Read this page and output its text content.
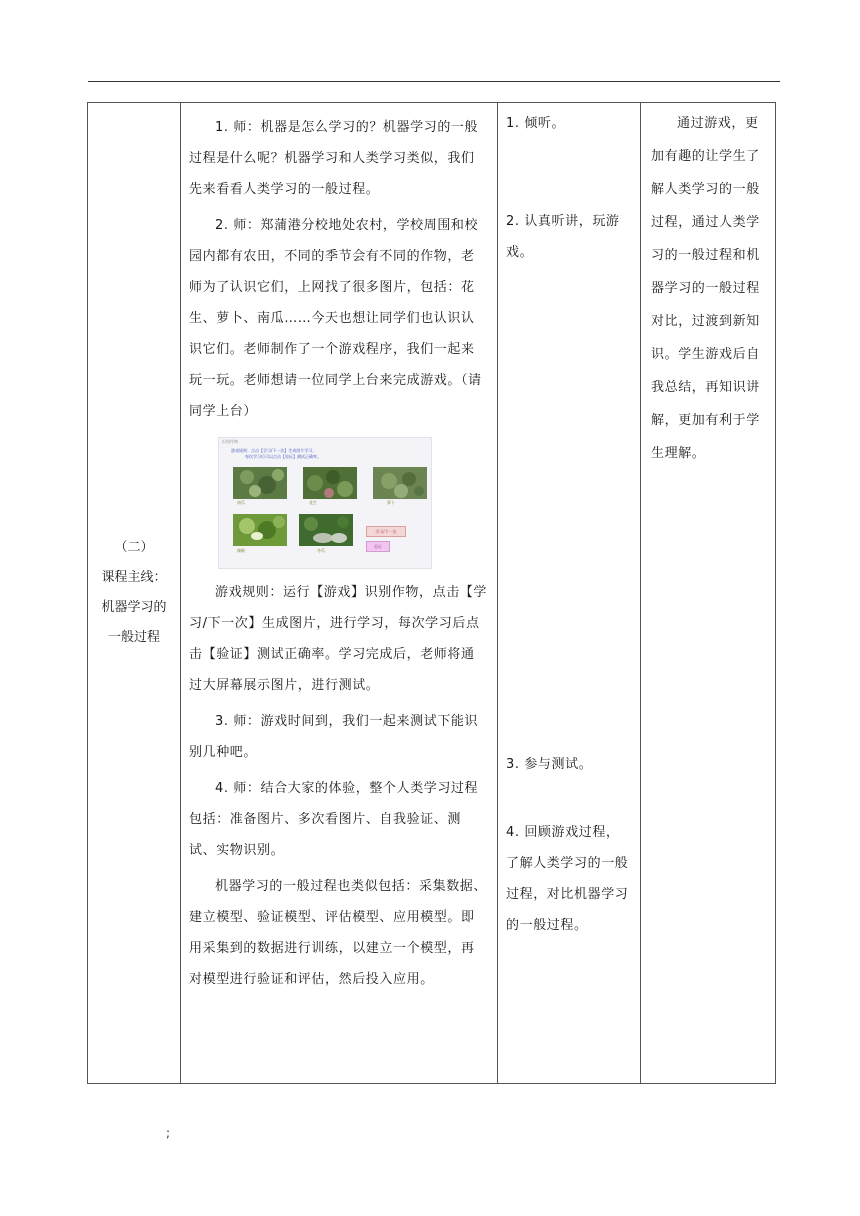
（二）
课程主线：
机器学习的
一般过程

1. 师：机器是怎么学习的？机器学习的一般过程是什么呢？机器学习和人类学习类似，我们先来看看人类学习的一般过程。

2. 师：郑蒲港分校地处农村，学校周围和校园内都有农田，不同的季节会有不同的作物，老师为了认识它们，上网找了很多图片，包括：花生、萝卜、南瓜……今天也想让同学们也认识认识它们。老师制作了一个游戏程序，我们一起来玩一玩。老师想请一位同学上台来完成游戏。（请同学上台）

识别作物
游戏规则：点击【学习/下一次】生成图片学习，
每次学习后可以点击【验证】测试正确率。
南瓜	花生	萝卜
辣椒	冬瓜
学习/下一次
验证

游戏规则：运行【游戏】识别作物，点击【学习/下一次】生成图片，进行学习，每次学习后点击【验证】测试正确率。学习完成后，老师将通过大屏幕展示图片，进行测试。

3. 师：游戏时间到，我们一起来测试下能识别几种吧。

4. 师：结合大家的体验，整个人类学习过程包括：准备图片、多次看图片、自我验证、测试、实物识别。

机器学习的一般过程也类似包括：采集数据、建立模型、验证模型、评估模型、应用模型。即用采集到的数据进行训练，以建立一个模型，再对模型进行验证和评估，然后投入应用。

1. 倾听。
2. 认真听讲，玩游戏。
3. 参与测试。
4. 回顾游戏过程，了解人类学习的一般过程，对比机器学习的一般过程。

通过游戏，更加有趣的让学生了解人类学习的一般过程，通过人类学习的一般过程和机器学习的一般过程对比，过渡到新知识。学生游戏后自我总结，再知识讲解，更加有利于学生理解。
;
